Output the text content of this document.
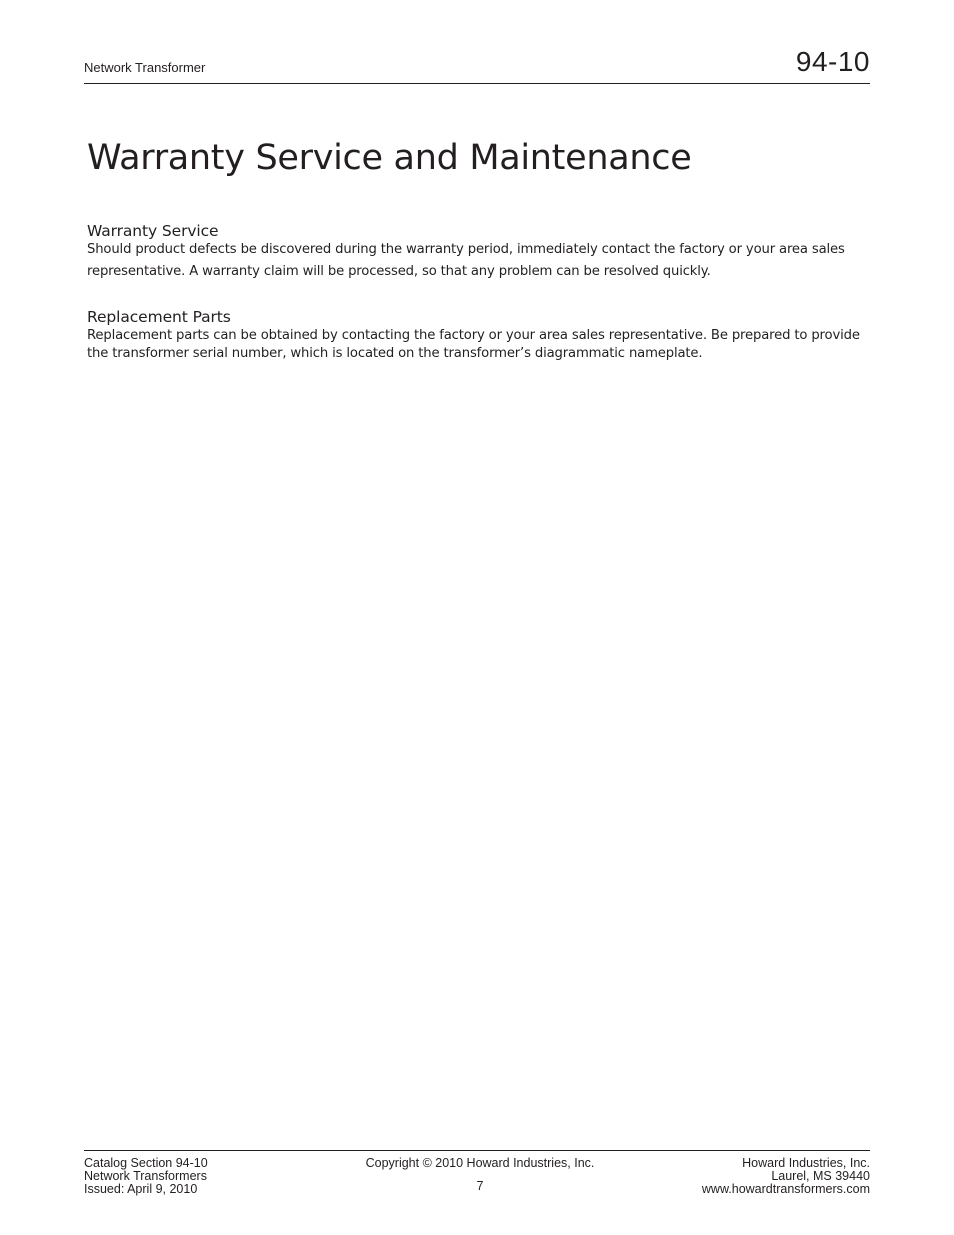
Network Transformer	94-10
Warranty Service and Maintenance
Warranty Service

Should product defects be discovered during the warranty period, immediately contact the factory or your area sales representative. A warranty claim will be processed, so that any problem can be resolved quickly.

Replacement Parts

Replacement parts can be obtained by contacting the factory or your area sales representative. Be prepared to provide the transformer serial number, which is located on the transformer’s diagrammatic nameplate.

Catalog Section 94-10
Network Transformers
Issued: April 9, 2010
Copyright © 2010 Howard Industries, Inc.
7
Howard Industries, Inc.
Laurel, MS 39440
www.howardtransformers.com
